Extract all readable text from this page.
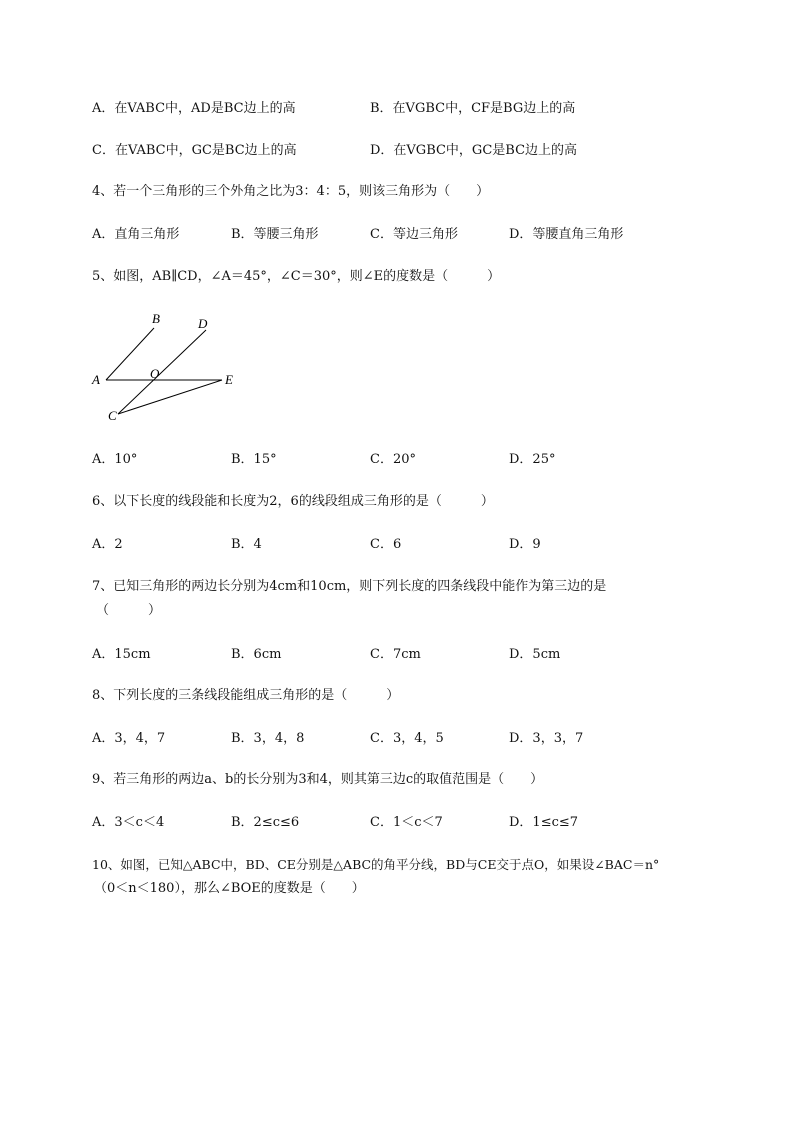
A．在VABC中，AD是BC边上的高	B．在VGBC中，CF是BG边上的高
C．在VABC中，GC是BC边上的高	D．在VGBC中，GC是BC边上的高
4、若一个三角形的三个外角之比为3：4：5，则该三角形为（　　）
A．直角三角形	B．等腰三角形	C．等边三角形	D．等腰直角三角形
5、如图，AB∥CD，∠A＝45°，∠C＝30°，则∠E的度数是（　　　）
B	D
A	O	E
C
A．10°	B．15°	C．20°	D．25°
6、以下长度的线段能和长度为2，6的线段组成三角形的是（　　　）
A．2	B．4	C．6	D．9
7、已知三角形的两边长分别为4cm和10cm，则下列长度的四条线段中能作为第三边的是
（　　　）
A．15cm	B．6cm	C．7cm	D．5cm
8、下列长度的三条线段能组成三角形的是（　　　）
A．3，4，7	B．3，4，8	C．3，4，5	D．3，3，7
9、若三角形的两边a、b的长分别为3和4，则其第三边c的取值范围是（　　）
A．3＜c＜4	B．2≤c≤6	C．1＜c＜7	D．1≤c≤7
10、如图，已知△ABC中，BD、CE分别是△ABC的角平分线，BD与CE交于点O，如果设∠BAC＝n°
（0＜n＜180），那么∠BOE的度数是（　　）
